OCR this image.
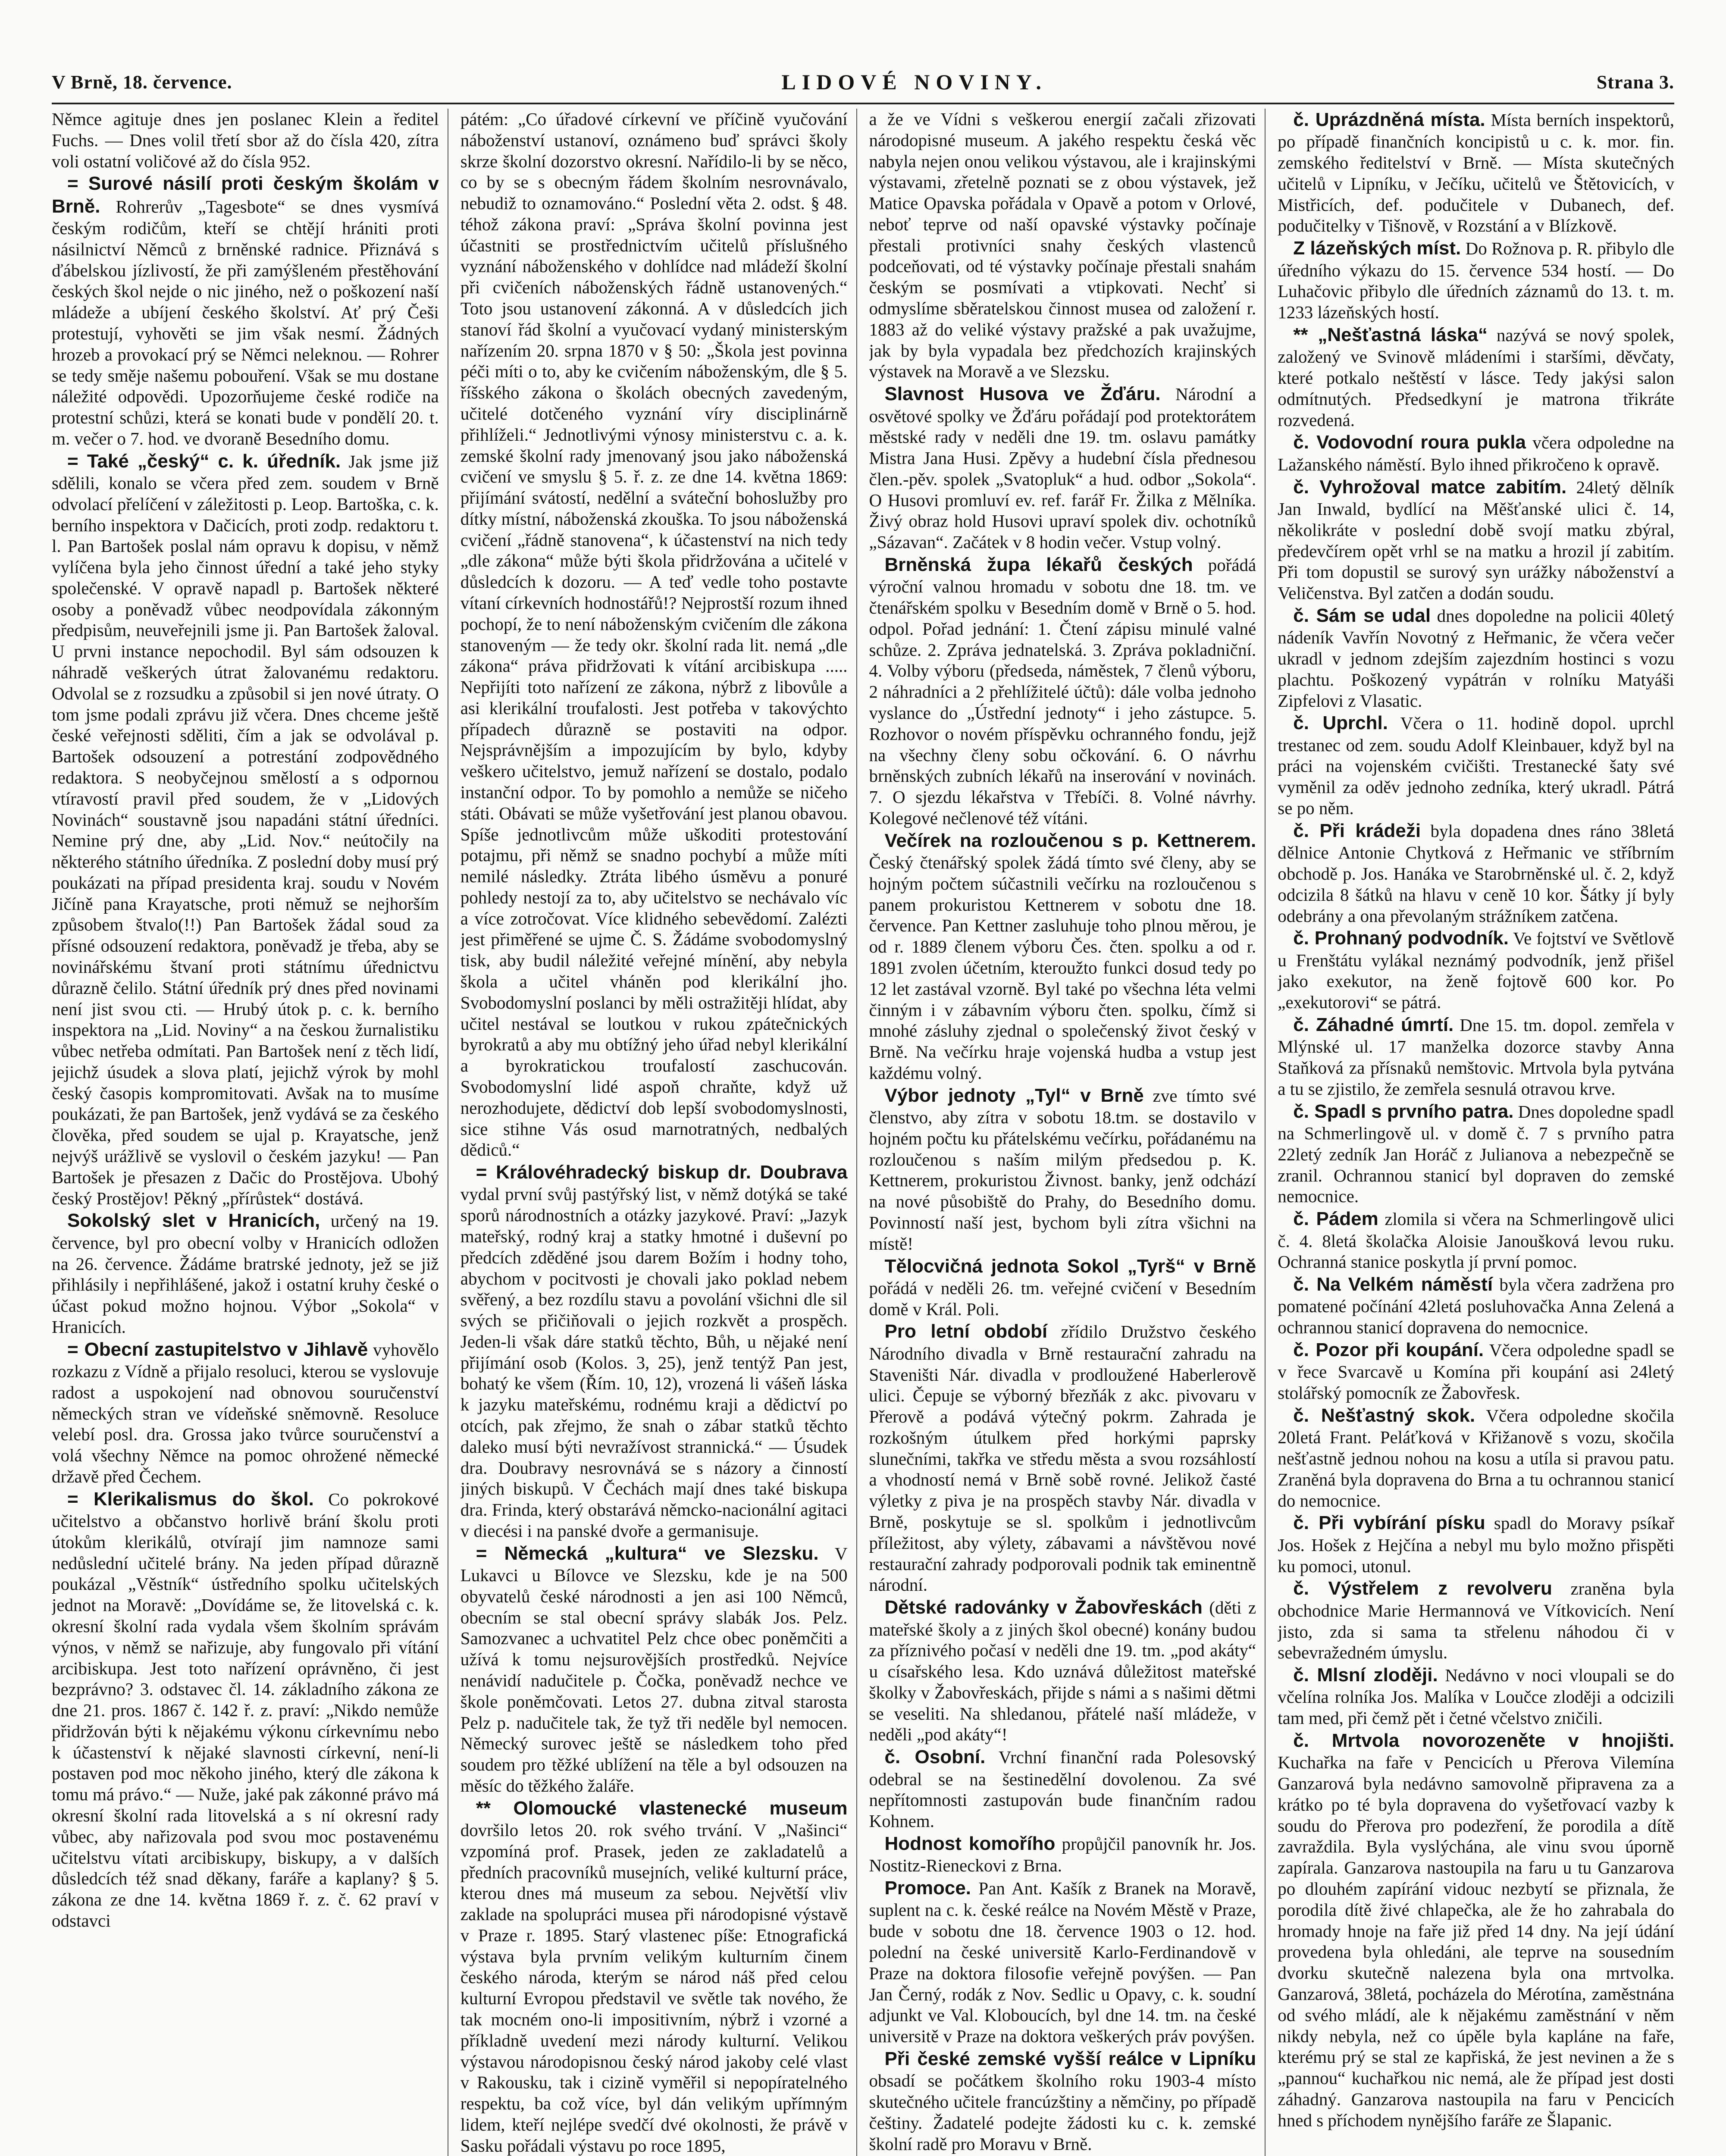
V Brně, 18. července.	LIDOVÉ NOVINY.	Strana 3.

Němce agituje dnes jen poslanec Klein a ředitel Fuchs. — Dnes volil třetí sbor až do čísla 420, zítra voli ostatní voličové až do čísla 952.

= Surové násilí proti českým školám v Brně. Rohrerův „Tagesbote“ se dnes vysmívá českým rodičům, kteří se chtějí hrániti proti násilnictví Němců z brněnské radnice. Přiznává s ďábelskou jízlivostí, že při zamýšleném přestěhování českých škol nejde o nic jiného, než o poškození naší mládeže a ubíjení českého školství. Ať prý Češi protestují, vyhověti se jim však nesmí. Žádných hrozeb a provokací prý se Němci neleknou. — Rohrer se tedy směje našemu pobouření. Však se mu dostane náležité odpovědi. Upozorňujeme české rodiče na protestní schůzi, která se konati bude v pondělí 20. t. m. večer o 7. hod. ve dvoraně Besedního domu.

= Také „český“ c. k. úředník. Jak jsme již sdělili, konalo se včera před zem. soudem v Brně odvolací přelíčení v záležitosti p. Leop. Bartoška, c. k. berního inspektora v Dačicích, proti zodp. redaktoru t. l. Pan Bartošek poslal nám opravu k dopisu, v němž vylíčena byla jeho činnost úřední a také jeho styky společenské. V opravě napadl p. Bartošek některé osoby a poněvadž vůbec neodpovídala zákonným předpisům, neuveřejnili jsme ji. Pan Bartošek žaloval. U prvni instance nepochodil. Byl sám odsouzen k náhradě veškerých útrat žalovanému redaktoru. Odvolal se z rozsudku a způsobil si jen nové útraty. O tom jsme podali zprávu již včera. Dnes chceme ještě české veřejnosti sděliti, čím a jak se odvolával p. Bartošek odsouzení a potrestání zodpovědného redaktora. S neobyčejnou smělostí a s odpornou vtíravostí pravil před soudem, že v „Lidových Novinách“ soustavně jsou napadáni státní úředníci. Nemine prý dne, aby „Lid. Nov.“ neútočily na některého státního úředníka. Z poslední doby musí prý poukázati na případ presidenta kraj. soudu v Novém Jičíně pana Krayatsche, proti němuž se nejhorším způsobem štvalo(!!) Pan Bartošek žádal soud za přísné odsouzení redaktora, poněvadž je třeba, aby se novinářskému štvaní proti státnímu úřednictvu důrazně čelilo. Státní úředník prý dnes před novinami není jist svou cti. — Hrubý útok p. c. k. berního inspektora na „Lid. Noviny“ a na českou žurnalistiku vůbec netřeba odmítati. Pan Bartošek není z těch lidí, jejichž úsudek a slova platí, jejichž výrok by mohl český časopis kompromitovati. Avšak na to musíme poukázati, že pan Bartošek, jenž vydává se za českého člověka, před soudem se ujal p. Krayatsche, jenž nejvýš urážlivě se vyslovil o českém jazyku! — Pan Bartošek je přesazen z Dačic do Prostějova. Ubohý český Prostějov! Pěkný „přírůstek“ dostává.

Sokolský slet v Hranicích, určený na 19. července, byl pro obecní volby v Hranicích odložen na 26. července. Žádáme bratrské jednoty, jež se již přihlásily i nepřihlášené, jakož i ostatní kruhy české o účast pokud možno hojnou. Výbor „Sokola“ v Hranicích.

= Obecní zastupitelstvo v Jihlavě vyhovělo rozkazu z Vídně a přijalo resoluci, kterou se vyslovuje radost a uspokojení nad obnovou souručenství německých stran ve vídeňské sněmovně. Resoluce velebí posl. dra. Grossa jako tvůrce souručenství a volá všechny Němce na pomoc ohrožené německé državě před Čechem.

= Klerikalismus do škol. Co pokrokové učitelstvo a občanstvo horlivě brání školu proti útokům klerikálů, otvírají jim namnoze sami nedůslední učitelé brány. Na jeden případ důrazně poukázal „Věstník“ ústředního spolku učitelských jednot na Moravě: „Dovídáme se, že litovelská c. k. okresní školní rada vydala všem školním správám výnos, v němž se nařizuje, aby fungovalo při vítání arcibiskupa. Jest toto nařízení oprávněno, či jest bezprávno? 3. odstavec čl. 14. základního zákona ze dne 21. pros. 1867 č. 142 ř. z. praví: „Nikdo nemůže přidržován býti k nějakému výkonu církevnímu nebo k účastenství k nějaké slavnosti církevní, není-li postaven pod moc někoho jiného, který dle zákona k tomu má právo.“ — Nuže, jaké pak zákonné právo má okresní školní rada litovelská a s ní okresní rady vůbec, aby nařizovala pod svou moc postavenému učitelstvu vítati arcibiskupy, biskupy, a v dalších důsledcích též snad děkany, faráře a kaplany? § 5. zákona ze dne 14. května 1869 ř. z. č. 62 praví v odstavci

pátém: „Co úřadové církevní ve příčině vyučování náboženství ustanoví, oznámeno buď správci školy skrze školní dozorstvo okresní. Nařídilo-li by se něco, co by se s obecným řádem školním nesrovnávalo, nebudiž to oznamováno.“ Poslední věta 2. odst. § 48. téhož zákona praví: „Správa školní povinna jest účastniti se prostřednictvím učitelů příslušného vyznání náboženského v dohlídce nad mládeží školní při cvičeních náboženských řádně ustanovených.“ Toto jsou ustanovení zákonná. A v důsledcích jich stanoví řád školní a vyučovací vydaný ministerským nařízením 20. srpna 1870 v § 50: „Škola jest povinna péči míti o to, aby ke cvičením náboženským, dle § 5. říšského zákona o školách obecných zavedeným, učitelé dotčeného vyznání víry disciplinárně přihlíželi.“ Jednotlivými výnosy ministerstvu c. a. k. zemské školní rady jmenovaný jsou jako náboženská cvičení ve smyslu § 5. ř. z. ze dne 14. května 1869: přijímání svátostí, nedělní a sváteční bohoslužby pro dítky místní, náboženská zkouška. To jsou náboženská cvičení „řádně stanovena“, k účastenství na nich tedy „dle zákona“ může býti škola přidržována a učitelé v důsledcích k dozoru. — A teď vedle toho postavte vítaní církevních hodnostářů!? Nejprostší rozum ihned pochopí, že to není náboženským cvičením dle zákona stanoveným — že tedy okr. školní rada lit. nemá „dle zákona“ práva přidržovati k vítání arcibiskupa ..... Nepřijíti toto nařízení ze zákona, nýbrž z libovůle a asi klerikální troufalosti. Jest potřeba v takovýchto případech důrazně se postaviti na odpor. Nejsprávnějším a impozujícím by bylo, kdyby veškero učitelstvo, jemuž nařízení se dostalo, podalo instanční odpor. To by pomohlo a nemůže se ničeho státi. Obávati se může vyšetřování jest planou obavou. Spíše jednotlivcům může uškoditi protestování potajmu, při němž se snadno pochybí a může míti nemilé následky. Ztráta libého úsměvu a ponuré pohledy nestojí za to, aby učitelstvo se nechávalo víc a více zotročovat. Více klidného sebevědomí. Zalézti jest přiměřené se ujme Č. S. Žádáme svobodomyslný tisk, aby budil náležité veřejné mínění, aby nebyla škola a učitel vháněn pod klerikální jho. Svobodomyslní poslanci by měli ostražitěji hlídat, aby učitel nestával se loutkou v rukou zpátečnických byrokratů a aby mu obtížný jeho úřad nebyl klerikální a byrokratickou troufalostí zaschucován. Svobodomyslní lidé aspoň chraňte, když už nerozhodujete, dědictví dob lepší svobodomyslnosti, sice stihne Vás osud marnotratných, nedbalých dědiců.“

= Královéhradecký biskup dr. Doubrava vydal první svůj pastýřský list, v němž dotýká se také sporů národnostních a otázky jazykové. Praví: „Jazyk mateřský, rodný kraj a statky hmotné i duševní po předcích zděděné jsou darem Božím i hodny toho, abychom v pocitvosti je chovali jako poklad nebem svěřený, a bez rozdílu stavu a povolání všichni dle sil svých se přičiňovali o jejich rozkvět a prospěch. Jeden-li však dáre statků těchto, Bůh, u nějaké není přijímání osob (Kolos. 3, 25), jenž tentýž Pan jest, bohatý ke všem (Řím. 10, 12), vrozená li vášeň láska k jazyku mateřskému, rodnému kraji a dědictví po otcích, pak zřejmo, že snah o zábar statků těchto daleko musí býti nevražívost strannická.“ — Úsudek dra. Doubravy nesrovnává se s názory a činností jiných biskupů. V Čechách mají dnes také biskupa dra. Frinda, který obstarává němcko-nacionální agitaci v diecési i na panské dvoře a germanisuje.

= Německá „kultura“ ve Slezsku. V Lukavci u Bílovce ve Slezsku, kde je na 500 obyvatelů české národnosti a jen asi 100 Němců, obecním se stal obecní správy slabák Jos. Pelz. Samozvanec a uchvatitel Pelz chce obec poněmčiti a užívá k tomu nejsurovějších prostředků. Nejvíce nenávidí nadučitele p. Čočka, poněvadž nechce ve škole poněmčovati. Letos 27. dubna zitval starosta Pelz p. nadučitele tak, že tyž tři neděle byl nemocen. Německý surovec ještě se následkem toho před soudem pro těžké ublížení na těle a byl odsouzen na měsíc do těžkého žaláře.

** Olomoucké vlastenecké museum dovršilo letos 20. rok svého trvání. V „Našinci“ vzpomíná prof. Prasek, jeden ze zakladatelů a předních pracovníků musejních, veliké kulturní práce, kterou dnes má museum za sebou. Největší vliv zaklade na spolupráci musea při národopisné výstavě v Praze r. 1895. Starý vlastenec píše: Etnografická výstava byla prvním velikým kulturním činem českého národa, kterým se národ náš před celou kulturní Evropou představil ve světle tak nového, že tak mocném ono-li impositivním, nýbrž i vzorné a příkladně uvedení mezi národy kulturní. Velikou výstavou národopisnou český národ jakoby celé vlast v Rakousku, tak i cizině vyměřil si nepopíratelného respektu, ba což více, byl dán velikým upřímným lidem, kteří nejlépe svedčí dvé okolnosti, že právě v Sasku pořádali výstavu po roce 1895,

a že ve Vídni s veškerou energií začali zřizovati národopisné museum. A jakého respektu česká věc nabyla nejen onou velikou výstavou, ale i krajinskými výstavami, zřetelně poznati se z obou výstavek, jež Matice Opavska pořádala v Opavě a potom v Orlové, neboť teprve od naší opavské výstavky počínaje přestali protivníci snahy českých vlastenců podceňovati, od té výstavky počínaje přestali snahám českým se posmívati a vtipkovati. Nechť si odmyslíme sběratelskou činnost musea od založení r. 1883 až do veliké výstavy pražské a pak uvažujme, jak by byla vypadala bez předchozích krajinských výstavek na Moravě a ve Slezsku.

Slavnost Husova ve Žďáru. Národní a osvětové spolky ve Žďáru pořádají pod protektorátem městské rady v neděli dne 19. tm. oslavu památky Mistra Jana Husi. Zpěvy a hudební čísla přednesou člen.-pěv. spolek „Svatopluk“ a hud. odbor „Sokola“. O Husovi promluví ev. ref. farář Fr. Žilka z Mělníka. Živý obraz hold Husovi upraví spolek div. ochotníků „Sázavan“. Začátek v 8 hodin večer. Vstup volný.

Brněnská župa lékařů českých pořádá výroční valnou hromadu v sobotu dne 18. tm. ve čtenářském spolku v Besedním domě v Brně o 5. hod. odpol. Pořad jednání: 1. Čtení zápisu minulé valné schůze. 2. Zpráva jednatelská. 3. Zpráva pokladniční. 4. Volby výboru (předseda, náměstek, 7 členů výboru, 2 náhradníci a 2 přehlížitelé účtů): dále volba jednoho vyslance do „Ústřední jednoty“ i jeho zástupce. 5. Rozhovor o novém příspěvku ochranného fondu, jejž na všechny členy sobu očkování. 6. O návrhu brněnských zubních lékařů na inserování v novinách. 7. O sjezdu lékařstva v Třebíči. 8. Volné návrhy. Kolegové nečlenové též vítáni.

Večírek na rozloučenou s p. Kettnerem. Český čtenářský spolek žádá tímto své členy, aby se hojným počtem súčastnili večírku na rozloučenou s panem prokuristou Kettnerem v sobotu dne 18. července. Pan Kettner zasluhuje toho plnou měrou, je od r. 1889 členem výboru Čes. čten. spolku a od r. 1891 zvolen účetním, kteroužto funkci dosud tedy po 12 let zastával vzorně. Byl také po všechna léta velmi činným i v zábavním výboru čten. spolku, čímž si mnohé zásluhy zjednal o společenský život český v Brně. Na večírku hraje vojenská hudba a vstup jest každému volný.

Výbor jednoty „Tyl“ v Brně zve tímto své členstvo, aby zítra v sobotu 18.tm. se dostavilo v hojném počtu ku přátelskému večírku, pořádanému na rozloučenou s naším milým předsedou p. K. Kettnerem, prokuristou Živnost. banky, jenž odchází na nové působiště do Prahy, do Besedního domu. Povinností naší jest, bychom byli zítra všichni na místě!

Tělocvičná jednota Sokol „Tyrš“ v Brně pořádá v neděli 26. tm. veřejné cvičení v Besedním domě v Král. Poli.

Pro letní období zřídilo Družstvo českého Národního divadla v Brně restaurační zahradu na Staveništi Nár. divadla v prodloužené Haberlerově ulici. Čepuje se výborný březňák z akc. pivovaru v Přerově a podává výtečný pokrm. Zahrada je rozkošným útulkem před horkými paprsky slunečními, takřka ve středu města a svou rozsáhlostí a vhodností nemá v Brně sobě rovné. Jelikož časté výletky z piva je na prospěch stavby Nár. divadla v Brně, poskytuje se sl. spolkům i jednotlivcům příležitost, aby výlety, zábavami a návštěvou nové restaurační zahrady podporovali podnik tak eminentně národní.

Dětské radovánky v Žabovřeskách (děti z mateřské školy a z jiných škol obecné) konány budou za příznivého počasí v neděli dne 19. tm. „pod akáty“ u císařského lesa. Kdo uznává důležitost mateřské školky v Žabovřeskách, přijde s námi a s našimi dětmi se veseliti. Na shledanou, přátelé naší mládeže, v neděli „pod akáty“!

č. Osobní. Vrchní finanční rada Polesovský odebral se na šestinedělní dovolenou. Za své nepřítomnosti zastupován bude finančním radou Kohnem.

Hodnost komořího propůjčil panovník hr. Jos. Nostitz-Rieneckovi z Brna.

Promoce. Pan Ant. Kašík z Branek na Moravě, suplent na c. k. české reálce na Novém Městě v Praze, bude v sobotu dne 18. července 1903 o 12. hod. polední na české universitě Karlo-Ferdinandově v Praze na doktora filosofie veřejně povýšen. — Pan Jan Černý, rodák z Nov. Sedlic u Opavy, c. k. soudní adjunkt ve Val. Kloboucích, byl dne 14. tm. na české universitě v Praze na doktora veškerých práv povýšen.

Při české zemské vyšší reálce v Lipníku obsadí se počátkem školního roku 1903-4 místo skutečného učitele francúzštiny a němčiny, po případě češtiny. Žadatelé podejte žádosti ku c. k. zemské školní radě pro Moravu v Brně.

č. Uprázdněná místa. Místa berních inspektorů, po případě finančních koncipistů u c. k. mor. fin. zemského ředitelství v Brně. — Místa skutečných učitelů v Lipníku, v Ječíku, učitelů ve Štětovicích, v Mistřicích, def. podučitele v Dubanech, def. podučitelky v Tišnově, v Rozstání a v Blízkově.

Z lázeňských míst. Do Rožnova p. R. přibylo dle úředního výkazu do 15. července 534 hostí. — Do Luhačovic přibylo dle úředních záznamů do 13. t. m. 1233 lázeňských hostí.

** „Nešťastná láska“ nazývá se nový spolek, založený ve Svinově mládeními i staršími, děvčaty, které potkalo neštěstí v lásce. Tedy jakýsi salon odmítnutých. Předsedkyní je matrona třikráte rozvedená.

č. Vodovodní roura pukla včera odpoledne na Lažanského náměstí. Bylo ihned přikročeno k opravě.

č. Vyhrožoval matce zabitím. 24letý dělník Jan Inwald, bydlící na Měšťanské ulici č. 14, několikráte v poslední době svojí matku zbýral, předevčírem opět vrhl se na matku a hrozil jí zabitím. Při tom dopustil se surový syn urážky náboženství a Veličenstva. Byl zatčen a dodán soudu.

č. Sám se udal dnes dopoledne na policii 40letý nádeník Vavřín Novotný z Heřmanic, že včera večer ukradl v jednom zdejším zajezdním hostinci s vozu plachtu. Poškozený vypátrán v rolníku Matyáši Zipfelovi z Vlasatic.

č. Uprchl. Včera o 11. hodině dopol. uprchl trestanec od zem. soudu Adolf Kleinbauer, když byl na práci na vojenském cvičišti. Trestanecké šaty své vyměnil za oděv jednoho zedníka, který ukradl. Pátrá se po něm.

č. Při krádeži byla dopadena dnes ráno 38letá dělnice Antonie Chytková z Heřmanic ve stříbrním obchodě p. Jos. Hanáka ve Starobrněnské ul. č. 2, když odcizila 8 šátků na hlavu v ceně 10 kor. Šátky jí byly odebrány a ona převolaným strážníkem zatčena.

č. Prohnaný podvodník. Ve fojtství ve Světlově u Frenštátu vylákal neznámý podvodník, jenž přišel jako exekutor, na ženě fojtově 600 kor. Po „exekutorovi“ se pátrá.

č. Záhadné úmrtí. Dne 15. tm. dopol. zemřela v Mlýnské ul. 17 manželka dozorce stavby Anna Staňková za přísnaků nemštovic. Mrtvola byla pytvána a tu se zjistilo, že zemřela sesnulá otravou krve.

č. Spadl s prvního patra. Dnes dopoledne spadl na Schmerlingově ul. v domě č. 7 s prvního patra 22letý zedník Jan Horáč z Julianova a nebezpečně se zranil. Ochrannou stanicí byl dopraven do zemské nemocnice.

č. Pádem zlomila si včera na Schmerlingově ulici č. 4. 8letá školačka Aloisie Janoušková levou ruku. Ochranná stanice poskytla jí první pomoc.

č. Na Velkém náměstí byla včera zadržena pro pomatené počínání 42letá posluhovačka Anna Zelená a ochrannou stanicí dopravena do nemocnice.

č. Pozor při koupání. Včera odpoledne spadl se v řece Svarcavě u Komína při koupání asi 24letý stolářský pomocník ze Žabovřesk.

č. Nešťastný skok. Včera odpoledne skočila 20letá Frant. Peláťková v Křižanově s vozu, skočila nešťastně jednou nohou na kosu a utíla si pravou patu. Zraněná byla dopravena do Brna a tu ochrannou stanicí do nemocnice.

č. Při vybírání písku spadl do Moravy psíkař Jos. Hošek z Hejčína a nebyl mu bylo možno přispěti ku pomoci, utonul.

č. Výstřelem z revolveru zraněna byla obchodnice Marie Hermannová ve Vítkovicích. Není jisto, zda si sama ta střelenu náhodou či v sebevražedném úmyslu.

č. Mlsní zloději. Nedávno v noci vloupali se do včelína rolníka Jos. Malíka v Loučce zloději a odcizili tam med, při čemž pět i četné včelstvo zničili.

č. Mrtvola novorozeněte v hnojišti. Kuchařka na faře v Pencicích u Přerova Vilemína Ganzarová byla nedávno samovolně připravena za a krátko po té byla dopravena do vyšetřovací vazby k soudu do Přerova pro podezření, že porodila a dítě zavraždila. Byla vyslýchána, ale vinu svou úporně zapírala. Ganzarova nastoupila na faru u tu Ganzarova po dlouhém zapírání vidouc nezbytí se přiznala, že porodila dítě živé chlapečka, ale že ho zahrabala do hromady hnoje na faře již před 14 dny. Na její údání provedena byla ohledáni, ale teprve na sousedním dvorku skutečně nalezena byla ona mrtvolka. Ganzarová, 38letá, pocházela do Mérotína, zaměstnána od svého mládí, ale k nějakému zaměstnání v něm nikdy nebyla, než co úpěle byla kapláne na faře, kterému prý se stal ze kapřiská, že jest nevinen a že s „pannou“ kuchařkou nic nemá, ale že případ jest dosti záhadný. Ganzarova nastoupila na faru v Pencicích hned s příchodem nynějšího faráře ze Šlapanic.
